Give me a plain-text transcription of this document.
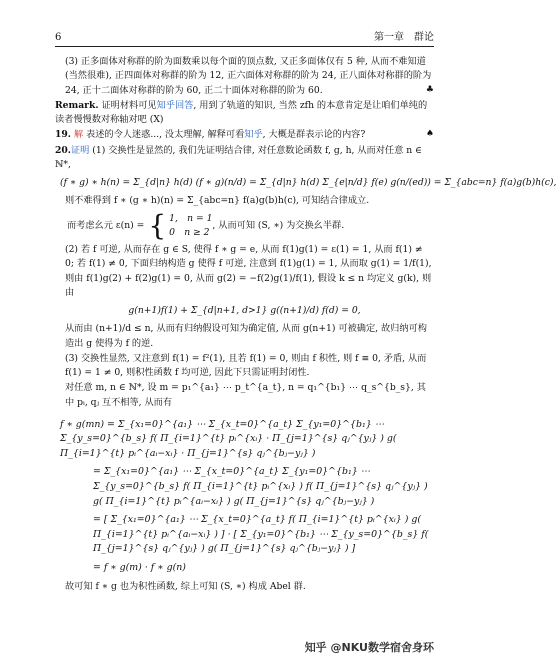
6	第一章　群论

(3) 正多面体对称群的阶为面数乘以每个面的顶点数, 又正多面体仅有 5 种, 从而不难知道(当然很难), 正四面体对称群的阶为 12, 正六面体对称群的阶为 24, 正八面体对称群的阶为 24, 正十二面体对称群的阶为 60, 正二十面体对称群的阶为 60.	♣

Remark. 证明材料可见知乎回答, 用到了轨道的知识, 当然 zfh 的本意肯定是让咱们单纯的读者慢慢数对称轴对吧 (X)

19. 解 表述的令人迷惑..., 没太理解, 解释可看知乎, 大概是群表示论的内容?	♠

20.证明 (1) 交换性是显然的, 我们先证明结合律, 对任意数论函数 f, g, h, 从而对任意 n ∈ ℕ*,

(f ∗ g) ∗ h(n) = Σ_{d|n} h(d) (f ∗ g)(n/d) = Σ_{d|n} h(d) Σ_{e|n/d} f(e) g(n/(ed)) = Σ_{abc=n} f(a)g(b)h(c),

则不难得到 f ∗ (g ∗ h)(n) = Σ_{abc=n} f(a)g(b)h(c), 可知结合律成立.

而考虑幺元 ε(n) = { 1,　n = 1
0　n ≥ 2
, 从而可知 (S, ∗) 为交换幺半群.

(2) 若 f 可逆, 从而存在 g ∈ S, 使得 f ∗ g = e, 从而 f(1)g(1) = ε(1) = 1, 从而 f(1) ≠ 0; 若 f(1) ≠ 0, 下面归纳构造 g 使得 f 可逆, 注意到 f(1)g(1) = 1, 从而取 g(1) = 1/f(1), 则由 f(1)g(2) + f(2)g(1) = 0, 从而 g(2) = −f(2)g(1)/f(1), 假设 k ≤ n 均定义 g(k), 则由

g(n+1)f(1) + Σ_{d|n+1, d>1} g((n+1)/d) f(d) = 0,

从而由 (n+1)/d ≤ n, 从而有归纳假设可知为确定值, 从而 g(n+1) 可被确定, 故归纳可构造出 g 使得为 f 的逆.

(3) 交换性显然, 又注意到 f(1) = f²(1), 且若 f(1) = 0, 则由 f 积性, 则 f ≡ 0, 矛盾, 从而 f(1) = 1 ≠ 0, 则积性函数 f 均可逆, 因此下只需证明封闭性.

对任意 m, n ∈ ℕ*, 设 m = p₁^{a₁} ⋯ p_t^{a_t}, n = q₁^{b₁} ⋯ q_s^{b_s}, 其中 pᵢ, qⱼ 互不相等, 从而有

f ∗ g(mn) = Σ_{x₁=0}^{a₁} ⋯ Σ_{x_t=0}^{a_t} Σ_{y₁=0}^{b₁} ⋯ Σ_{y_s=0}^{b_s} f( Π_{i=1}^{t} pᵢ^{xᵢ} · Π_{j=1}^{s} qⱼ^{yⱼ} ) g( Π_{i=1}^{t} pᵢ^{aᵢ−xᵢ} · Π_{j=1}^{s} qⱼ^{bⱼ−yⱼ} )
= Σ_{x₁=0}^{a₁} ⋯ Σ_{x_t=0}^{a_t} Σ_{y₁=0}^{b₁} ⋯ Σ_{y_s=0}^{b_s} f( Π_{i=1}^{t} pᵢ^{xᵢ} ) f( Π_{j=1}^{s} qⱼ^{yⱼ} ) g( Π_{i=1}^{t} pᵢ^{aᵢ−xᵢ} ) g( Π_{j=1}^{s} qⱼ^{bⱼ−yⱼ} )
= [ Σ_{x₁=0}^{a₁} ⋯ Σ_{x_t=0}^{a_t} f( Π_{i=1}^{t} pᵢ^{xᵢ} ) g( Π_{i=1}^{t} pᵢ^{aᵢ−xᵢ} ) ] · [ Σ_{y₁=0}^{b₁} ⋯ Σ_{y_s=0}^{b_s} f( Π_{j=1}^{s} qⱼ^{yⱼ} ) g( Π_{j=1}^{s} qⱼ^{bⱼ−yⱼ} ) ]
= f ∗ g(m) · f ∗ g(n)

故可知 f ∗ g 也为积性函数, 综上可知 (S, ∗) 构成 Abel 群.

知乎 @NKU数学宿舍身环
